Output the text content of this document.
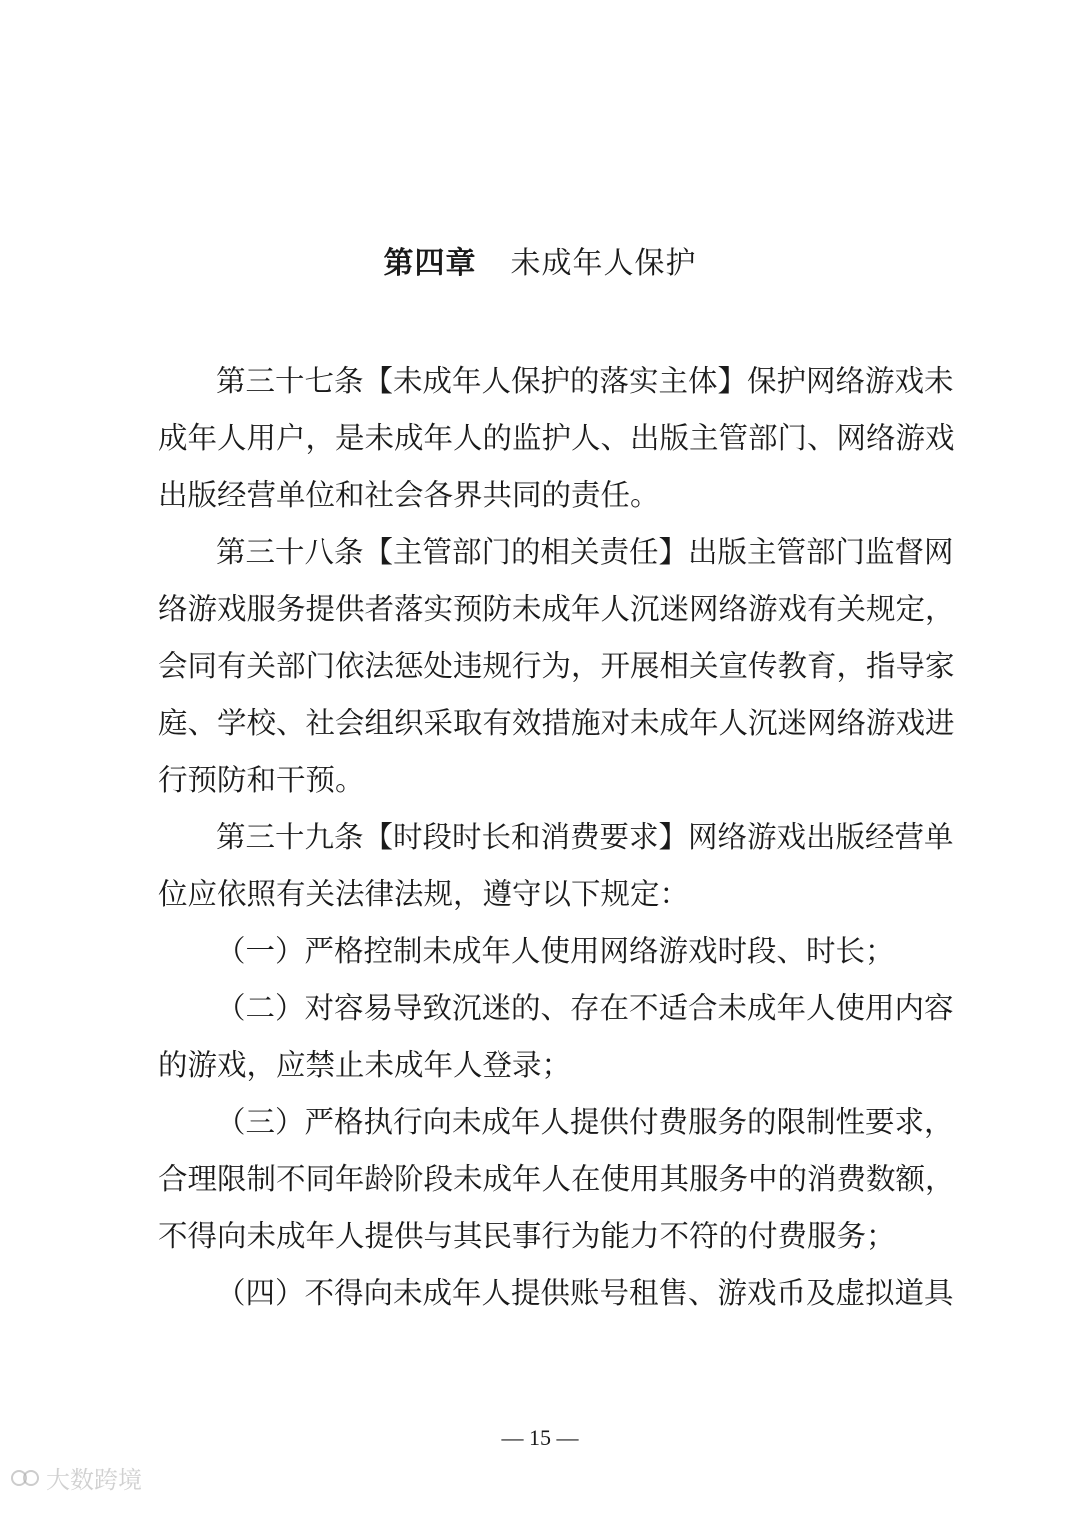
第四章 未成年人保护
第三十七条【未成年人保护的落实主体】保护网络游戏未
成年人用户，是未成年人的监护人、出版主管部门、网络游戏
出版经营单位和社会各界共同的责任。
第三十八条【主管部门的相关责任】出版主管部门监督网
络游戏服务提供者落实预防未成年人沉迷网络游戏有关规定，
会同有关部门依法惩处违规行为，开展相关宣传教育，指导家
庭、学校、社会组织采取有效措施对未成年人沉迷网络游戏进
行预防和干预。
第三十九条【时段时长和消费要求】网络游戏出版经营单
位应依照有关法律法规，遵守以下规定：
（一）严格控制未成年人使用网络游戏时段、时长；
（二）对容易导致沉迷的、存在不适合未成年人使用内容
的游戏，应禁止未成年人登录；
（三）严格执行向未成年人提供付费服务的限制性要求，
合理限制不同年龄阶段未成年人在使用其服务中的消费数额，
不得向未成年人提供与其民事行为能力不符的付费服务；
（四）不得向未成年人提供账号租售、游戏币及虚拟道具
— 15 —
大数跨境
